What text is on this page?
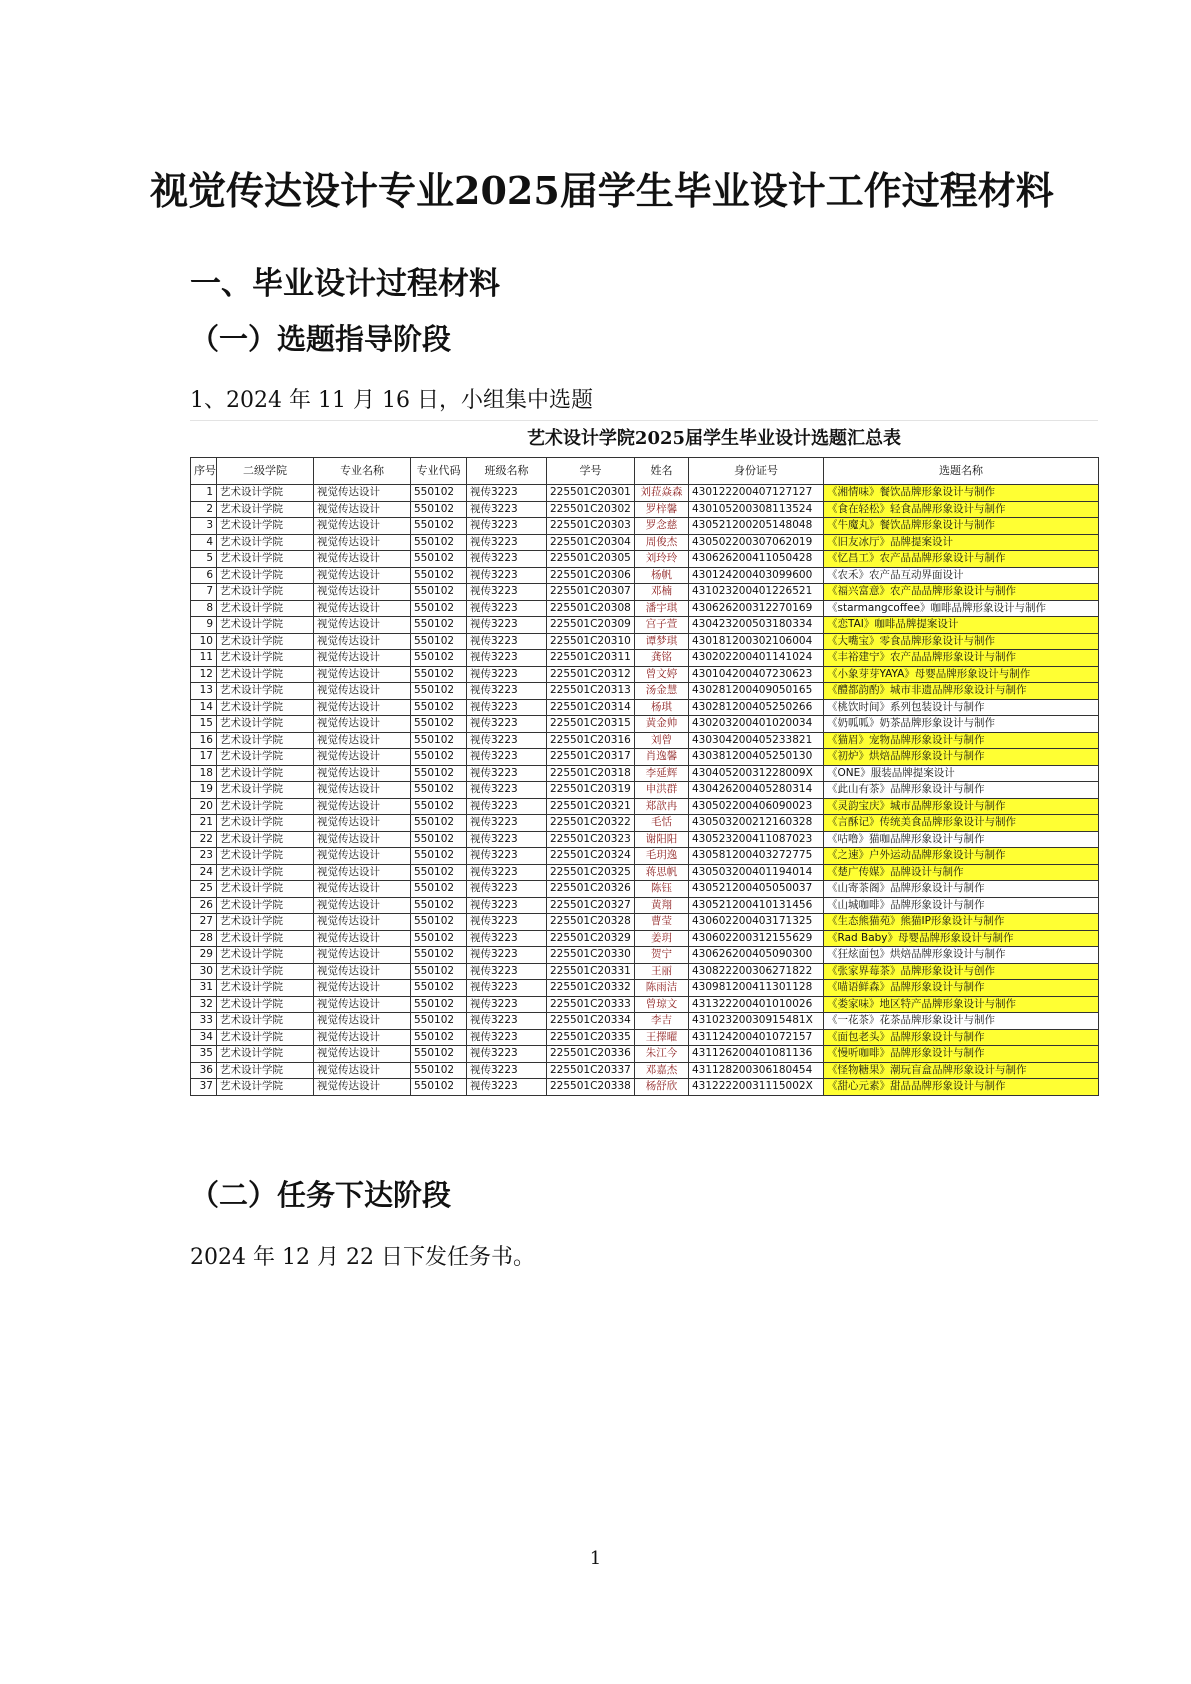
视觉传达设计专业2025届学生毕业设计工作过程材料
一、毕业设计过程材料
（一）选题指导阶段
1、2024 年 11 月 16 日，小组集中选题
艺术设计学院2025届学生毕业设计选题汇总表
序号	二级学院	专业名称	专业代码	班级名称	学号	姓名	身份证号	选题名称
1	艺术设计学院	视觉传达设计	550102	视传3223	225501C20301	刘菈焱森	430122200407127127	《湘情味》餐饮品牌形象设计与制作
2	艺术设计学院	视觉传达设计	550102	视传3223	225501C20302	罗梓馨	430105200308113524	《食在轻松》轻食品牌形象设计与制作
3	艺术设计学院	视觉传达设计	550102	视传3223	225501C20303	罗念慈	430521200205148048	《牛魔丸》餐饮品牌形象设计与制作
4	艺术设计学院	视觉传达设计	550102	视传3223	225501C20304	周俊杰	430502200307062019	《旧友冰厅》品牌提案设计
5	艺术设计学院	视觉传达设计	550102	视传3223	225501C20305	刘玲玲	430626200411050428	《忆昌工》农产品品牌形象设计与制作
6	艺术设计学院	视觉传达设计	550102	视传3223	225501C20306	杨帆	430124200403099600	《农禾》农产品互动界面设计
7	艺术设计学院	视觉传达设计	550102	视传3223	225501C20307	邓楠	431023200401226521	《福兴富意》农产品品牌形象设计与制作
8	艺术设计学院	视觉传达设计	550102	视传3223	225501C20308	潘宇琪	430626200312270169	《starmangcoffee》咖啡品牌形象设计与制作
9	艺术设计学院	视觉传达设计	550102	视传3223	225501C20309	宫子萱	430423200503180334	《恋TAI》咖啡品牌提案设计
10	艺术设计学院	视觉传达设计	550102	视传3223	225501C20310	谭梦琪	430181200302106004	《大嘴宝》零食品牌形象设计与制作
11	艺术设计学院	视觉传达设计	550102	视传3223	225501C20311	龚铭	430202200401141024	《丰裕建宁》农产品品牌形象设计与制作
12	艺术设计学院	视觉传达设计	550102	视传3223	225501C20312	曾文婷	430104200407230623	《小象芽芽YAYA》母婴品牌形象设计与制作
13	艺术设计学院	视觉传达设计	550102	视传3223	225501C20313	汤金慧	430281200409050165	《醴都韵酌》城市非遗品牌形象设计与制作
14	艺术设计学院	视觉传达设计	550102	视传3223	225501C20314	杨琪	430281200405250266	《桃饮时间》系列包装设计与制作
15	艺术设计学院	视觉传达设计	550102	视传3223	225501C20315	黄金帅	430203200401020034	《奶呱呱》奶茶品牌形象设计与制作
16	艺术设计学院	视觉传达设计	550102	视传3223	225501C20316	刘曾	430304200405233821	《猫眉》宠物品牌形象设计与制作
17	艺术设计学院	视觉传达设计	550102	视传3223	225501C20317	肖逸馨	430381200405250130	《初炉》烘焙品牌形象设计与制作
18	艺术设计学院	视觉传达设计	550102	视传3223	225501C20318	李延辉	43040520031228009X	《ONE》服装品牌提案设计
19	艺术设计学院	视觉传达设计	550102	视传3223	225501C20319	申洪群	430426200405280314	《此山有茶》品牌形象设计与制作
20	艺术设计学院	视觉传达设计	550102	视传3223	225501C20321	郑歆冉	430502200406090023	《灵韵宝庆》城市品牌形象设计与制作
21	艺术设计学院	视觉传达设计	550102	视传3223	225501C20322	毛恬	430503200212160328	《言酥记》传统美食品牌形象设计与制作
22	艺术设计学院	视觉传达设计	550102	视传3223	225501C20323	谢阳阳	430523200411087023	《咕噜》猫咖品牌形象设计与制作
23	艺术设计学院	视觉传达设计	550102	视传3223	225501C20324	毛玥逸	430581200403272775	《之速》户外运动品牌形象设计与制作
24	艺术设计学院	视觉传达设计	550102	视传3223	225501C20325	蒋思帆	430503200401194014	《楚广传媒》品牌设计与制作
25	艺术设计学院	视觉传达设计	550102	视传3223	225501C20326	陈钰	430521200405050037	《山寄茶阁》品牌形象设计与制作
26	艺术设计学院	视觉传达设计	550102	视传3223	225501C20327	黄翔	430521200410131456	《山城咖啡》品牌形象设计与制作
27	艺术设计学院	视觉传达设计	550102	视传3223	225501C20328	曹莹	430602200403171325	《生态熊猫苑》熊猫IP形象设计与制作
28	艺术设计学院	视觉传达设计	550102	视传3223	225501C20329	姜玥	430602200312155629	《Rad Baby》母婴品牌形象设计与制作
29	艺术设计学院	视觉传达设计	550102	视传3223	225501C20330	贺宁	430626200405090300	《狂炫面包》烘焙品牌形象设计与制作
30	艺术设计学院	视觉传达设计	550102	视传3223	225501C20331	王丽	430822200306271822	《张家界莓茶》品牌形象设计与创作
31	艺术设计学院	视觉传达设计	550102	视传3223	225501C20332	陈雨洁	430981200411301128	《喵语鲜森》品牌形象设计与制作
32	艺术设计学院	视觉传达设计	550102	视传3223	225501C20333	曾琼文	431322200401010026	《娄家味》地区特产品牌形象设计与制作
33	艺术设计学院	视觉传达设计	550102	视传3223	225501C20334	李吉	43102320030915481X	《一花茶》花茶品牌形象设计与制作
34	艺术设计学院	视觉传达设计	550102	视传3223	225501C20335	王擇曜	431124200401072157	《面包老头》品牌形象设计与制作
35	艺术设计学院	视觉传达设计	550102	视传3223	225501C20336	朱江今	431126200401081136	《慢听咖啡》品牌形象设计与制作
36	艺术设计学院	视觉传达设计	550102	视传3223	225501C20337	邓嘉杰	431128200306180454	《怪物糖果》潮玩盲盒品牌形象设计与制作
37	艺术设计学院	视觉传达设计	550102	视传3223	225501C20338	杨舒欣	43122220031115002X	《甜心元素》甜品品牌形象设计与制作
（二）任务下达阶段
2024 年 12 月 22 日下发任务书。
1
